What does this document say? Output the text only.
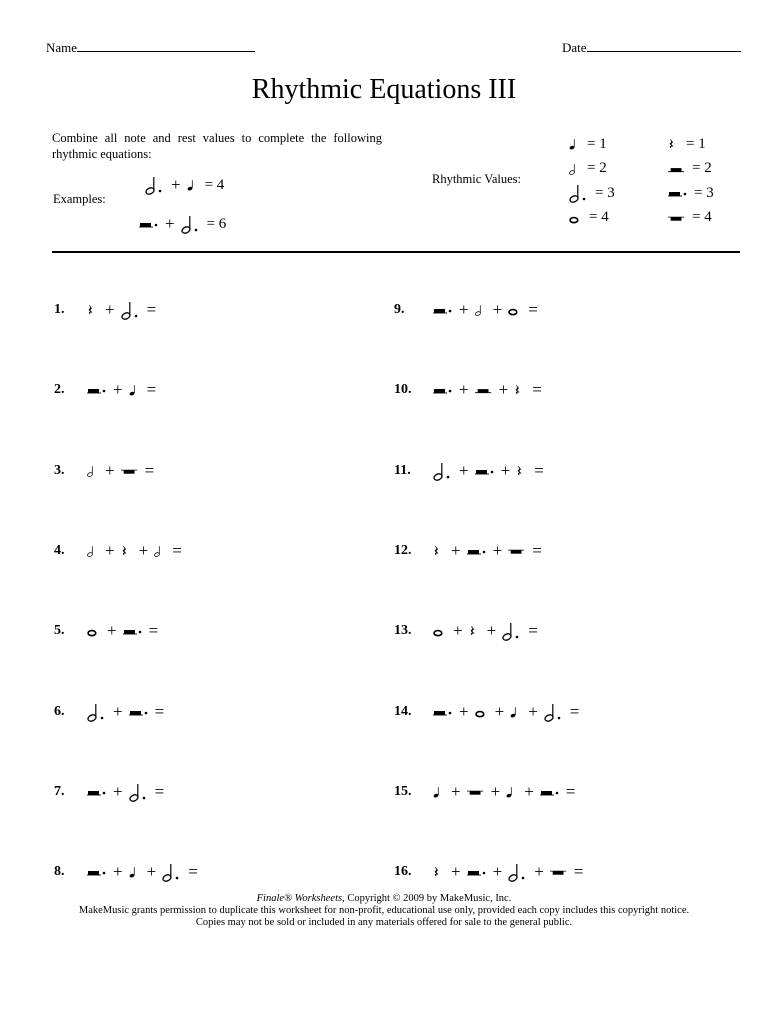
Name	Date
Rhythmic Equations III
Combine all note and rest values to complete the following rhythmic equations:
Examples:
+ = 4
+ = 6
Rhythmic Values:
= 1
= 2
= 3
= 4
= 1
= 2
= 3
= 4
1.	+ =
2.	+ =
3.	+ =
4.	+ + =
5.	+ =
6.	+ =
7.	+ =
8.	+ + =
9.	+ + =
10.	+ + =
11.	+ + =
12.	+ + =
13.	+ + =
14.	+ + + =
15.	+ + + =
16.	+ + + =
Finale® Worksheets, Copyright © 2009 by MakeMusic, Inc.
MakeMusic grants permission to duplicate this worksheet for non-profit, educational use only, provided each copy includes this copyright notice.
Copies may not be sold or included in any materials offered for sale to the general public.
